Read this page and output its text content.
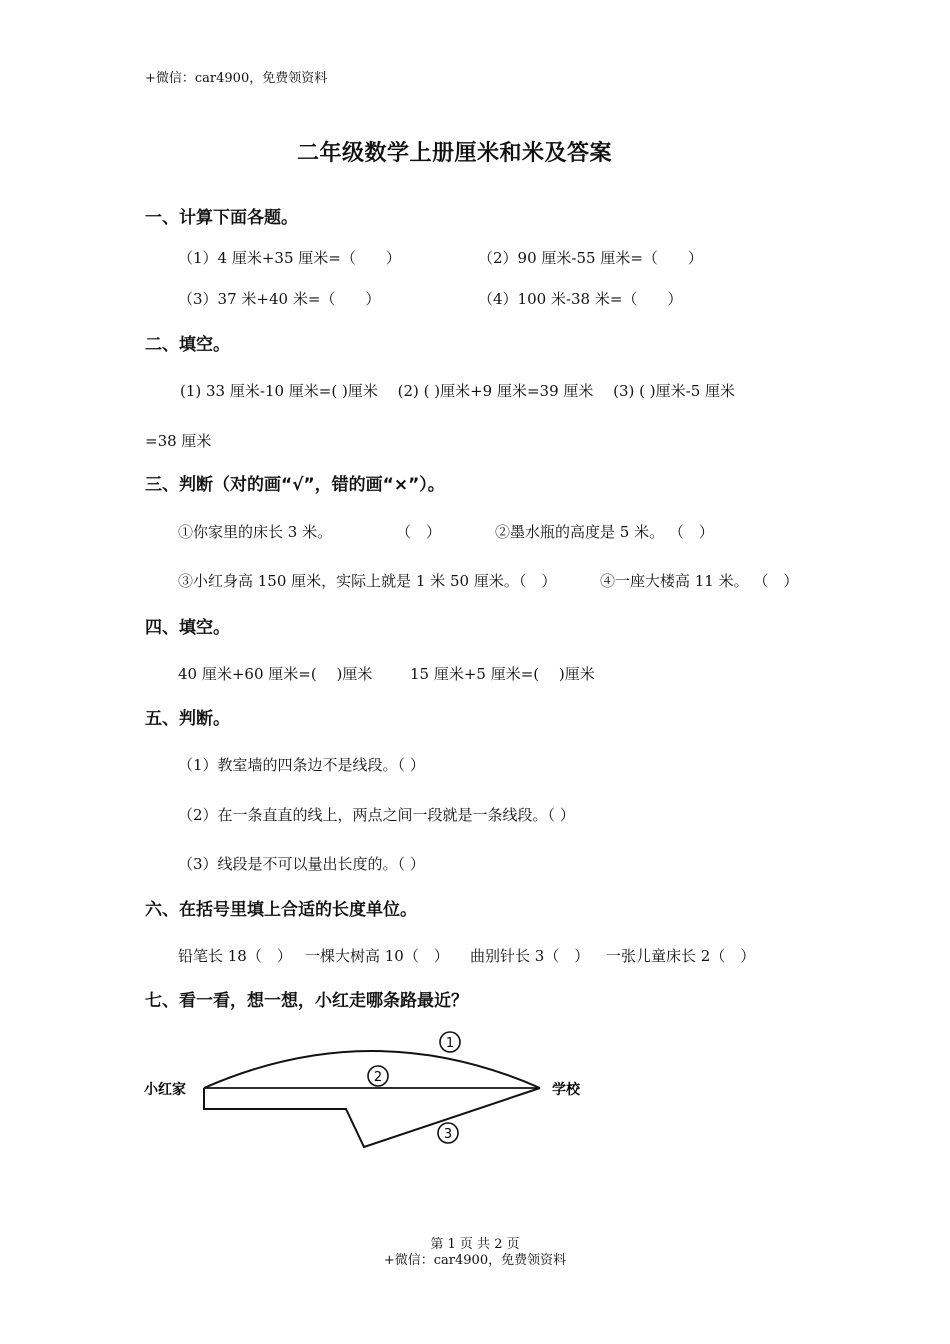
+微信：car4900，免费领资料
二年级数学上册厘米和米及答案
一、计算下面各题。
（1）4 厘米+35 厘米=（　　）	（2）90 厘米-55 厘米=（　　）
（3）37 米+40 米=（　　）	（4）100 米-38 米=（　　）
二、填空。
(1) 33 厘米-10 厘米=( )厘米　 (2) ( )厘米+9 厘米=39 厘米　 (3) ( )厘米-5 厘米
=38 厘米
三、判断（对的画“√”，错的画“×”）。
①你家里的床长 3 米。	（　）	②墨水瓶的高度是 5 米。 （　）
③小红身高 150 厘米，实际上就是 1 米 50 厘米。（　）	④一座大楼高 11 米。 （　）
四、填空。
40 厘米+60 厘米=(　 )厘米	15 厘米+5 厘米=(　 )厘米
五、判断。
（1）教室墙的四条边不是线段。（ ）
（2）在一条直直的线上，两点之间一段就是一条线段。（ ）
（3）线段是不可以量出长度的。（ ）
六、在括号里填上合适的长度单位。
铅笔长 18（　） 一棵大树高 10（　） 曲别针长 3（　） 一张儿童床长 2（　）
七、看一看，想一想，小红走哪条路最近？
1
2
3
小红家	学校
第 1 页 共 2 页
+微信：car4900，免费领资料
